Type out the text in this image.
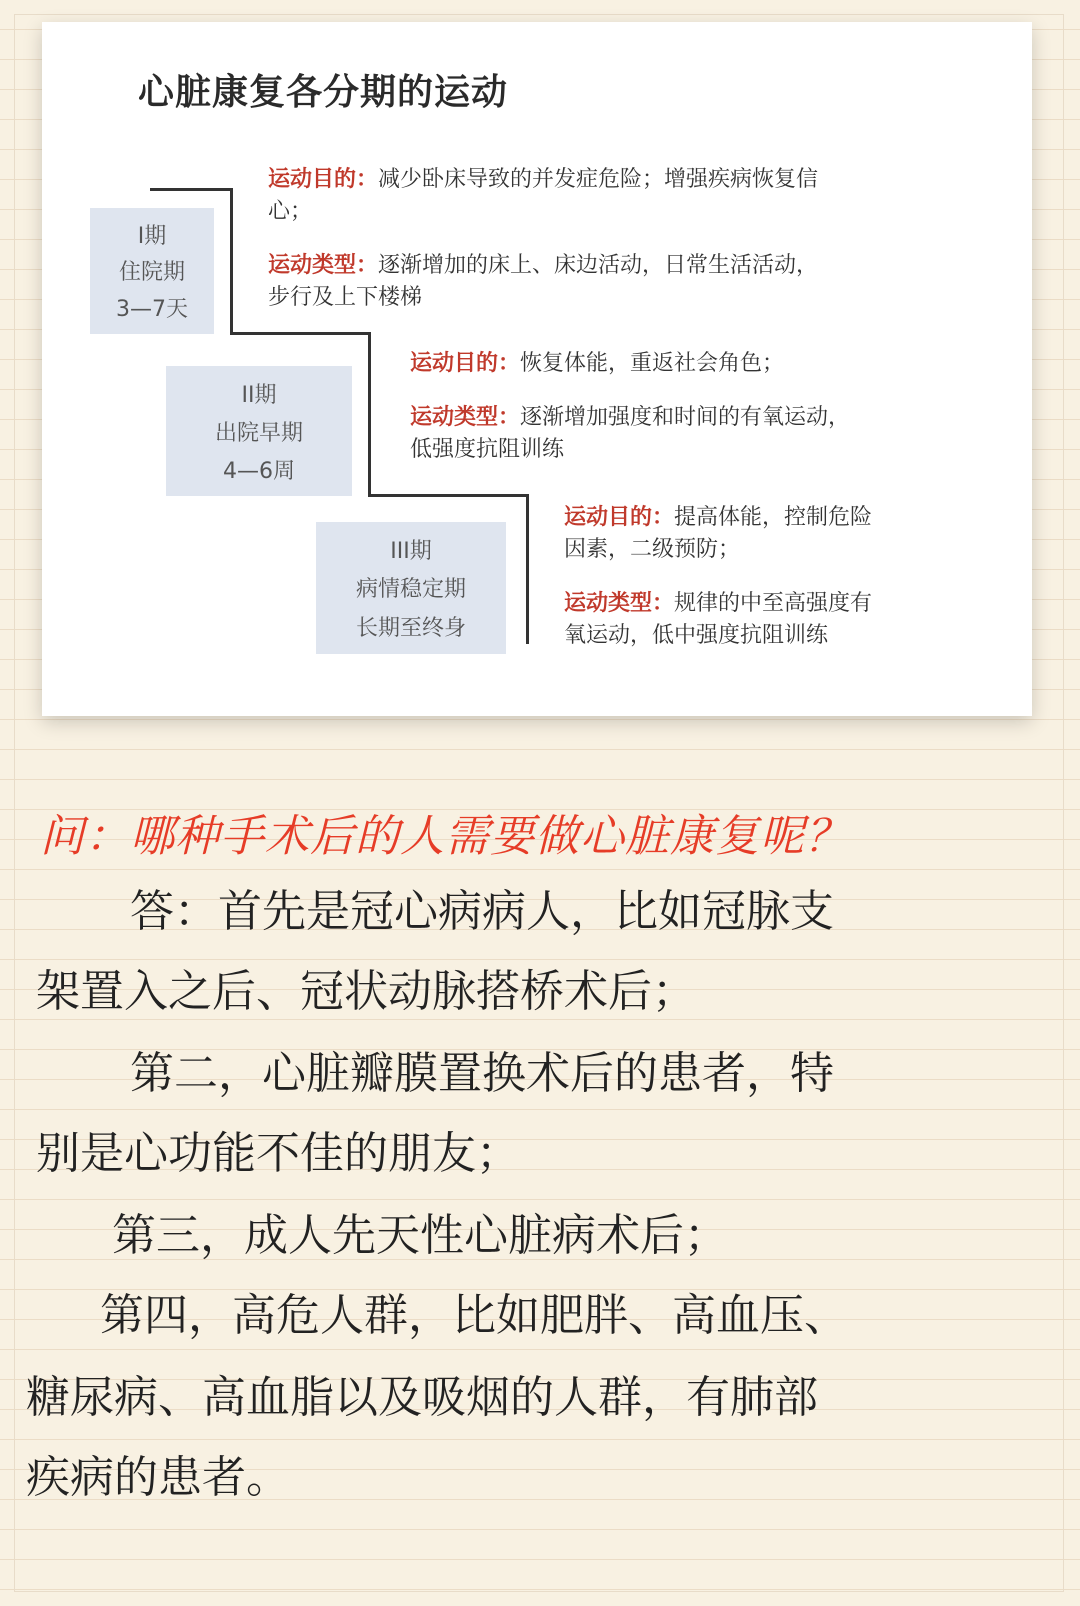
心脏康复各分期的运动
I期
住院期
3—7天
II期
出院早期
4—6周
III期
病情稳定期
长期至终身
运动目的：减少卧床导致的并发症危险；增强疾病恢复信
心；
运动类型：逐渐增加的床上、床边活动，日常生活活动，
步行及上下楼梯
运动目的：恢复体能，重返社会角色；
运动类型：逐渐增加强度和时间的有氧运动，
低强度抗阻训练
运动目的：提高体能，控制危险
因素，二级预防；
运动类型：规律的中至高强度有
氧运动，低中强度抗阻训练
问：哪种手术后的人需要做心脏康复呢？
答：首先是冠心病病人，比如冠脉支
架置入之后、冠状动脉搭桥术后；
第二，心脏瓣膜置换术后的患者，特
别是心功能不佳的朋友；
第三，成人先天性心脏病术后；
第四，高危人群，比如肥胖、高血压、
糖尿病、高血脂以及吸烟的人群，有肺部
疾病的患者。
